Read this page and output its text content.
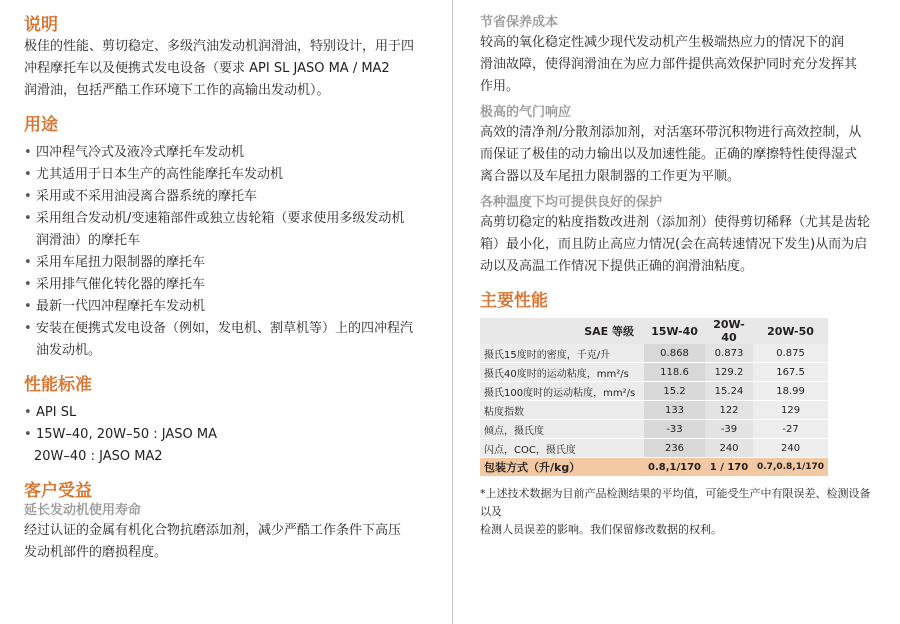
说明

极佳的性能、剪切稳定、多级汽油发动机润滑油，特别设计，用于四

冲程摩托车以及便携式发电设备（要求 API SL JASO MA / MA2

润滑油，包括严酷工作环境下工作的高输出发动机）。

用途
• 四冲程气冷式及液冷式摩托车发动机
• 尤其适用于日本生产的高性能摩托车发动机
• 采用或不采用油浸离合器系统的摩托车
• 采用组合发动机/变速箱部件或独立齿轮箱（要求使用多级发动机
润滑油）的摩托车
• 采用车尾扭力限制器的摩托车
• 采用排气催化转化器的摩托车
• 最新一代四冲程摩托车发动机
• 安装在便携式发电设备（例如，发电机、割草机等）上的四冲程汽
油发动机。
性能标准
• API SL
• 15W–40, 20W–50 : JASO MA
20W–40 : JASO MA2
客户受益
延长发动机使用寿命

经过认证的金属有机化合物抗磨添加剂，减少严酷工作条件下高压

发动机部件的磨损程度。

节省保养成本

较高的氧化稳定性减少现代发动机产生极端热应力的情况下的润

滑油故障，使得润滑油在为应力部件提供高效保护同时充分发挥其

作用。

极高的气门响应

高效的清净剂/分散剂添加剂，对活塞环带沉积物进行高效控制，从

而保证了极佳的动力输出以及加速性能。正确的摩擦特性使得湿式

离合器以及车尾扭力限制器的工作更为平顺。

各种温度下均可提供良好的保护

高剪切稳定的粘度指数改进剂（添加剂）使得剪切稀释（尤其是齿轮

箱）最小化，而且防止高应力情况(会在高转速情况下发生)从而为启

动以及高温工作情况下提供正确的润滑油粘度。

主要性能
SAE 等级	15W-40	20W-40	20W-50
摄氏15度时的密度，千克/升	0.868	0.873	0.875
摄氏40度时的运动粘度，mm²/s	118.6	129.2	167.5
摄氏100度时的运动粘度，mm²/s	15.2	15.24	18.99
粘度指数	133	122	129
倾点，摄氏度	-33	-39	-27
闪点，COC，摄氏度	236	240	240
包装方式（升/kg）	0.8,1/170	1 / 170	0.7,0.8,1/170
*上述技术数据为目前产品检测结果的平均值，可能受生产中有限误差、检测设备以及
检测人员误差的影响。我们保留修改数据的权利。
